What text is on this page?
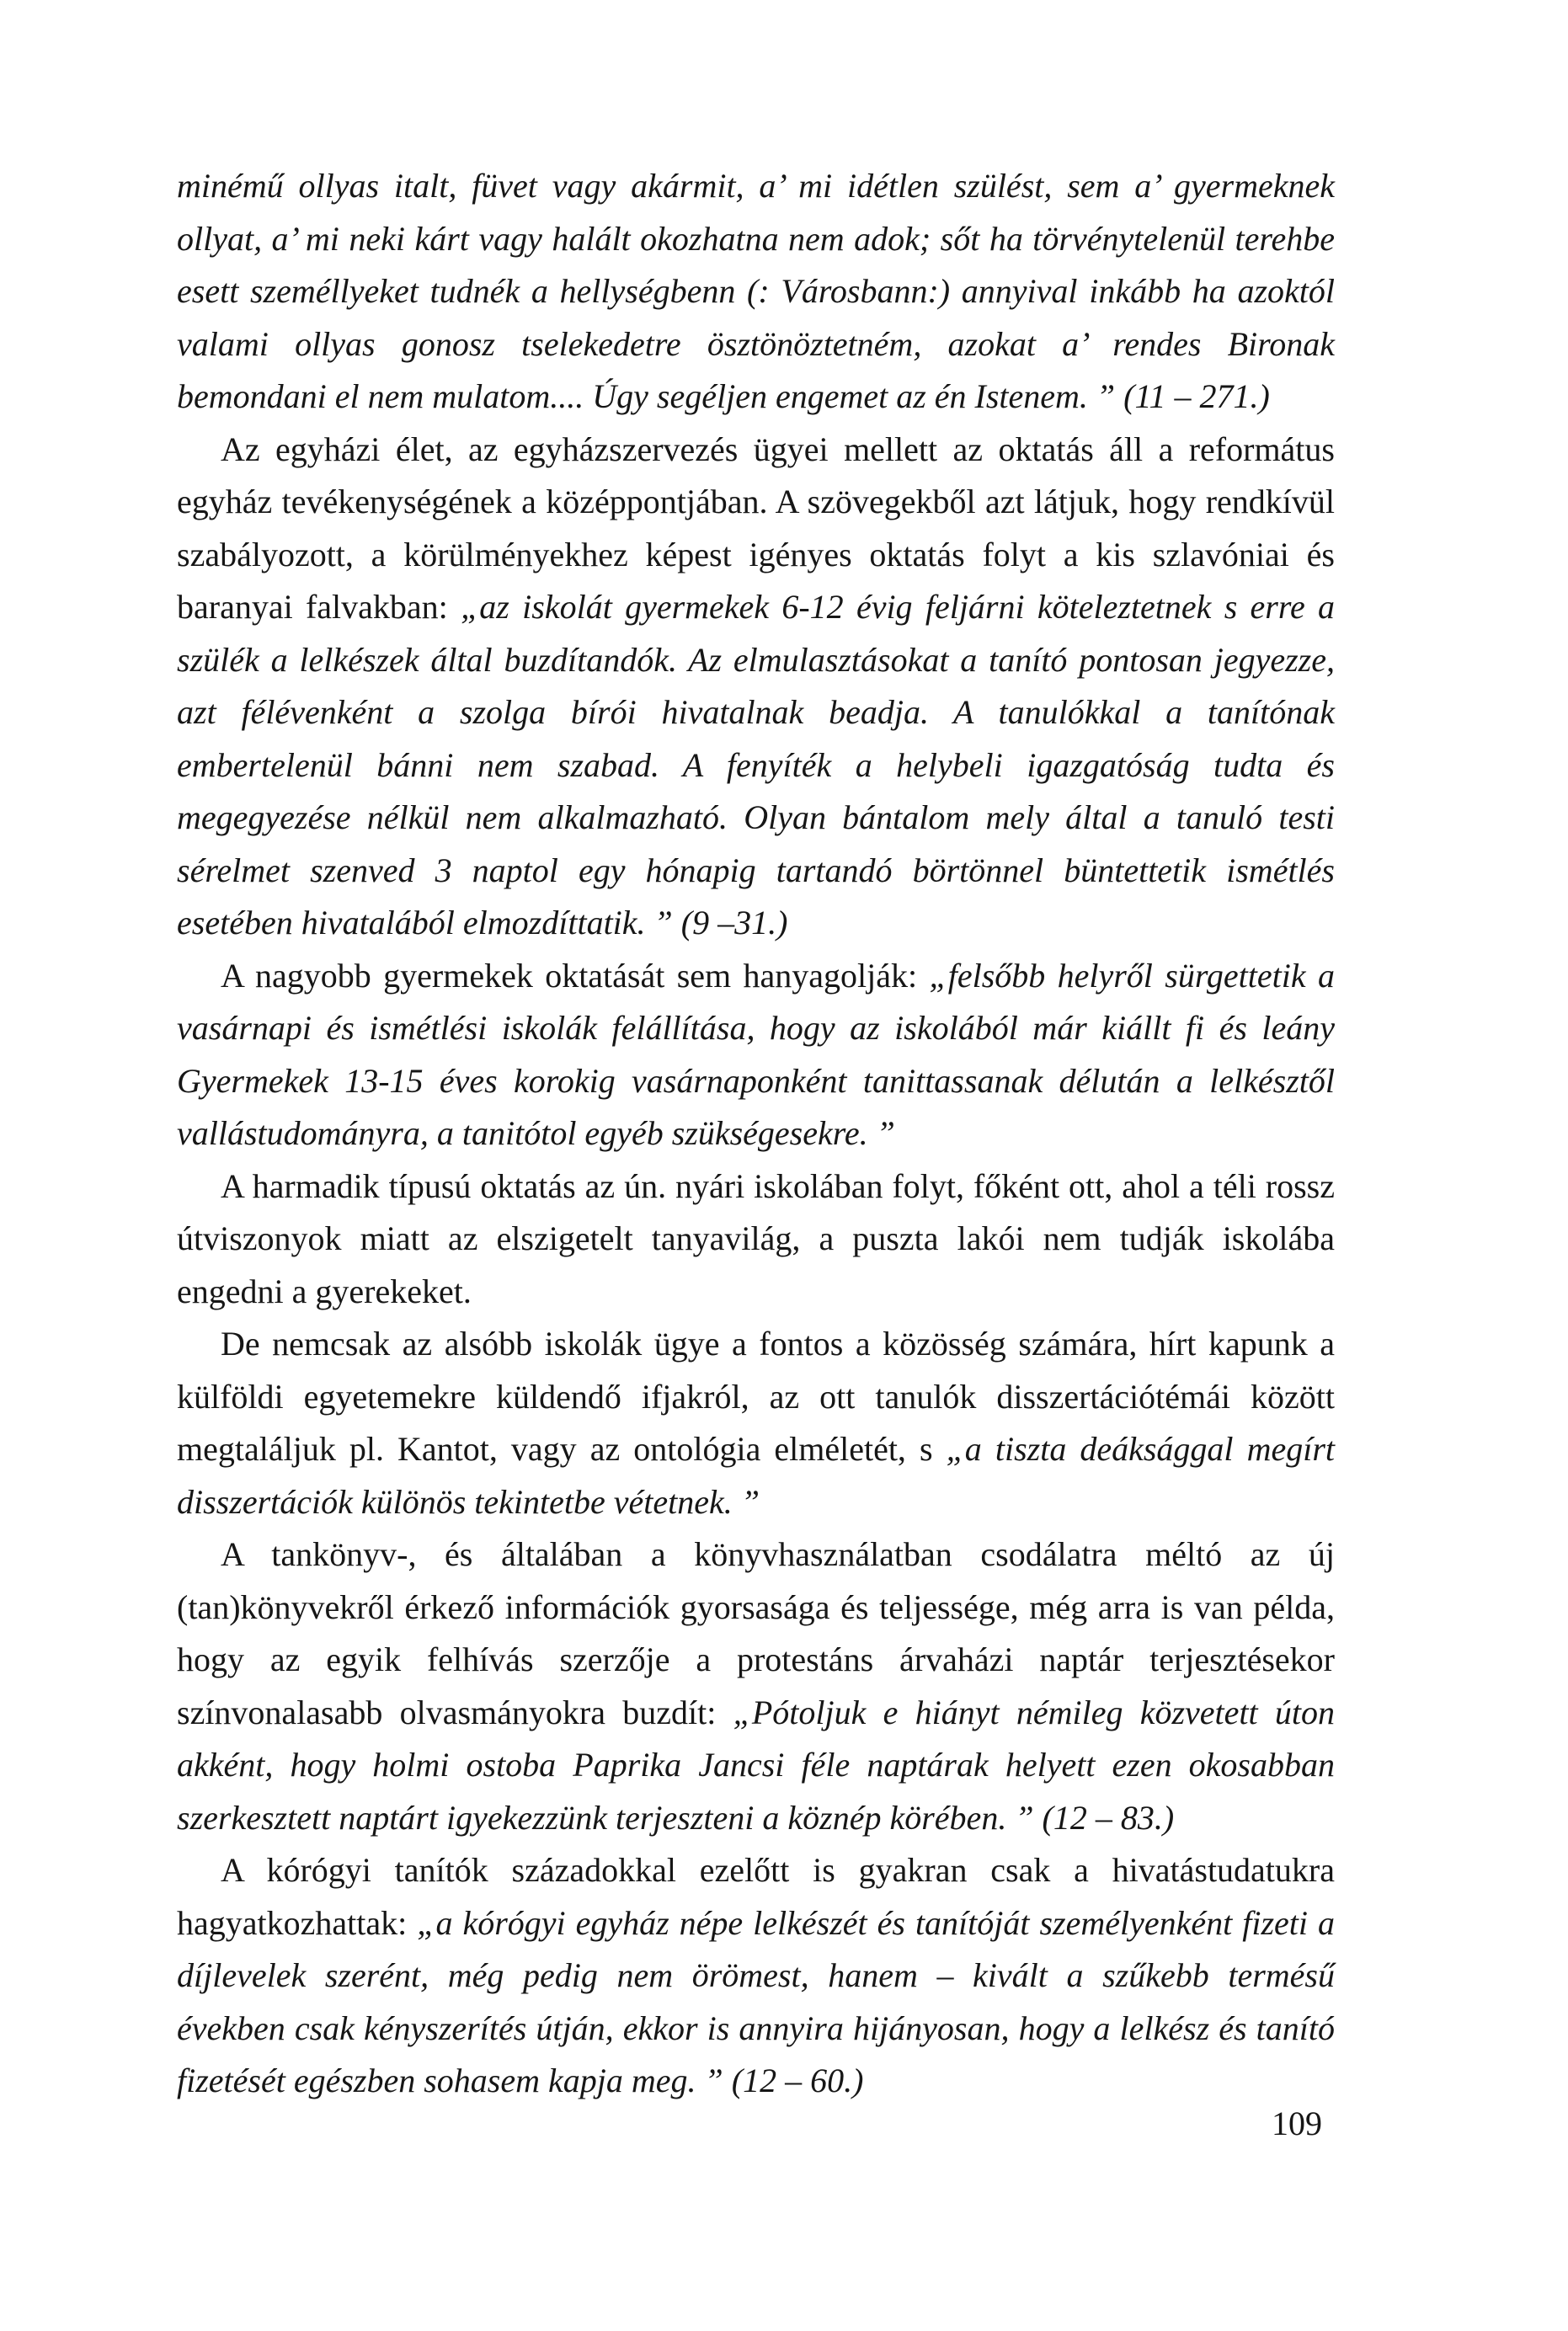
minémű ollyas italt, füvet vagy akármit, a’ mi idétlen szülést, sem a’ gyermeknek ollyat, a’ mi neki kárt vagy halált okozhatna nem adok; sőt ha törvénytelenül terehbe esett személlyeket tudnék a hellységbenn (: Városbann:) annyival inkább ha azoktól valami ollyas gonosz tselekedetre ösztönöztetném, azokat a’ rendes Bironak bemondani el nem mulatom.... Úgy segéljen engemet az én Istenem. ” (11 – 271.)

Az egyházi élet, az egyházszervezés ügyei mellett az oktatás áll a református egyház tevékenységének a középpontjában. A szövegekből azt látjuk, hogy rendkívül szabályozott, a körülményekhez képest igényes oktatás folyt a kis szlavóniai és baranyai falvakban: „az iskolát gyermekek 6-12 évig feljárni köteleztetnek s erre a szülék a lelkészek által buzdítandók. Az elmulasztásokat a tanító pontosan jegyezze, azt félévenként a szolga bírói hivatalnak beadja. A tanulókkal a tanítónak embertelenül bánni nem szabad. A fenyíték a helybeli igazgatóság tudta és megegyezése nélkül nem alkalmazható. Olyan bántalom mely által a tanuló testi sérelmet szenved 3 naptol egy hónapig tartandó börtönnel büntettetik ismétlés esetében hivatalából elmozdíttatik. ” (9 –31.)

A nagyobb gyermekek oktatását sem hanyagolják: „felsőbb helyről sürgettetik a vasárnapi és ismétlési iskolák felállítása, hogy az iskolából már kiállt fi és leány Gyermekek 13-15 éves korokig vasárnaponként tanittassanak délután a lelkésztől vallástudományra, a tanitótol egyéb szükségesekre. ”

A harmadik típusú oktatás az ún. nyári iskolában folyt, főként ott, ahol a téli rossz útviszonyok miatt az elszigetelt tanyavilág, a puszta lakói nem tudják iskolába engedni a gyerekeket.

De nemcsak az alsóbb iskolák ügye a fontos a közösség számára, hírt kapunk a külföldi egyetemekre küldendő ifjakról, az ott tanulók disszertációtémái között megtaláljuk pl. Kantot, vagy az ontológia elméletét, s „a tiszta deáksággal megírt disszertációk különös tekintetbe vétetnek. ”

A tankönyv-, és általában a könyvhasználatban csodálatra méltó az új (tan)könyvekről érkező információk gyorsasága és teljessége, még arra is van példa, hogy az egyik felhívás szerzője a protestáns árvaházi naptár terjesztésekor színvonalasabb olvasmányokra buzdít: „Pótoljuk e hiányt némileg közvetett úton akként, hogy holmi ostoba Paprika Jancsi féle naptárak helyett ezen okosabban szerkesztett naptárt igyekezzünk terjeszteni a köznép körében. ” (12 – 83.)

A kórógyi tanítók századokkal ezelőtt is gyakran csak a hivatástudatukra hagyatkozhattak: „a kórógyi egyház népe lelkészét és tanítóját személyenként fizeti a díjlevelek szerént, még pedig nem örömest, hanem – kivált a szűkebb termésű években csak kényszerítés útján, ekkor is annyira hijányosan, hogy a lelkész és tanító fizetését egészben sohasem kapja meg. ” (12 – 60.)

109
